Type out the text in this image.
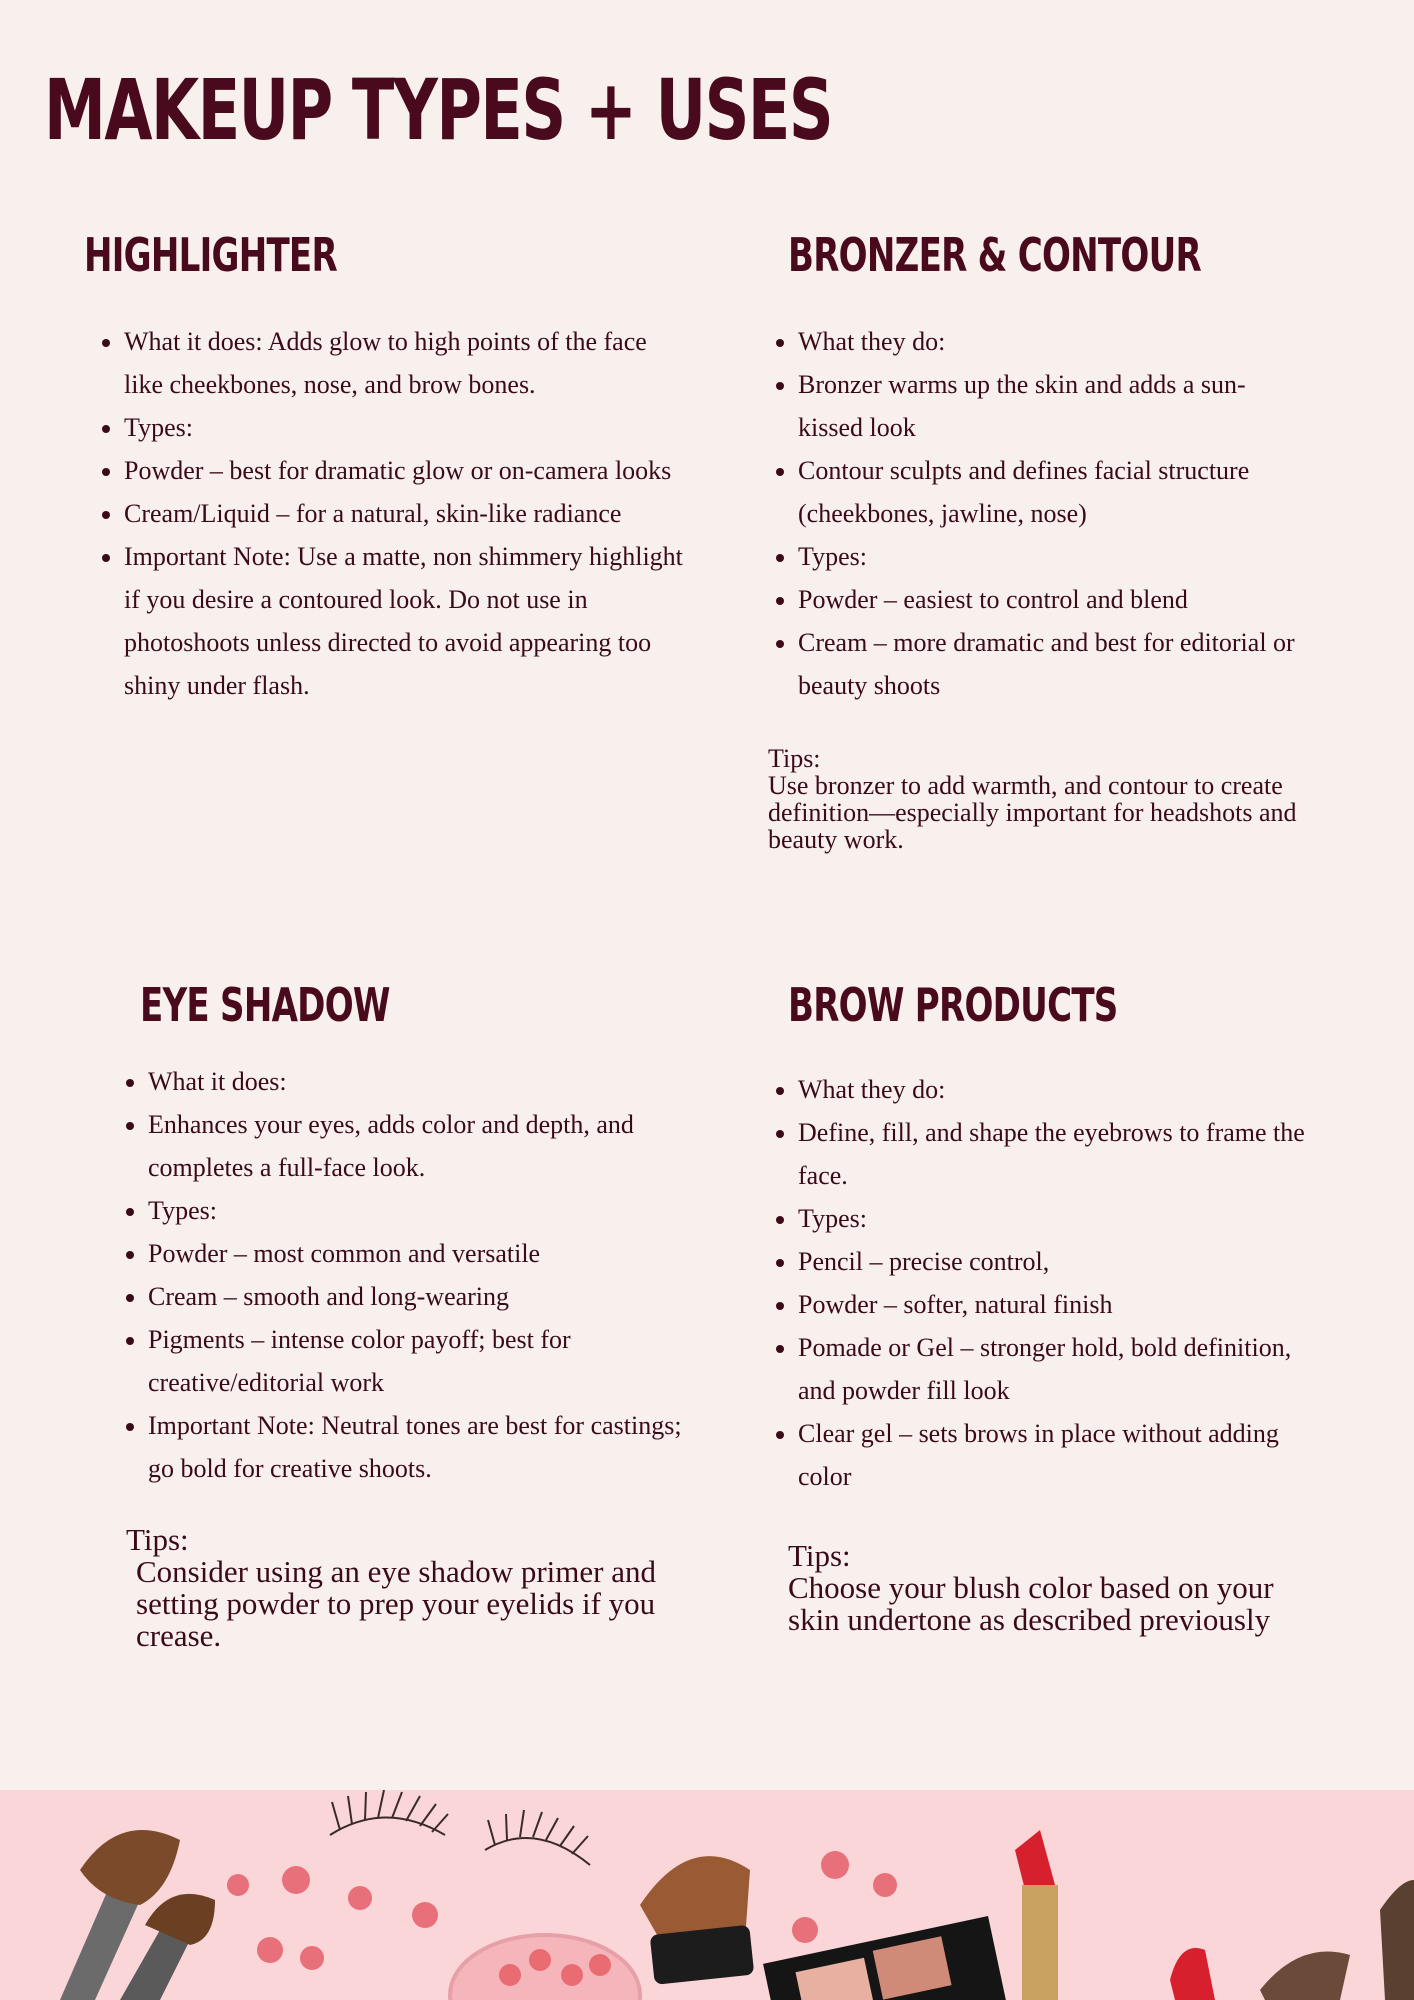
MAKEUP TYPES + USES
HIGHLIGHTER
• What it does: Adds glow to high points of the face like cheekbones, nose, and brow bones.
• Types:
• Powder – best for dramatic glow or on-camera looks
• Cream/Liquid – for a natural, skin-like radiance
• Important Note: Use a matte, non shimmery highlight if you desire a contoured look. Do not use in photoshoots unless directed to avoid appearing too shiny under flash.
BRONZER & CONTOUR
• What they do:
• Bronzer warms up the skin and adds a sun-kissed look
• Contour sculpts and defines facial structure (cheekbones, jawline, nose)
• Types:
• Powder – easiest to control and blend
• Cream – more dramatic and best for editorial or beauty shoots
Tips:
Use bronzer to add warmth, and contour to create definition—especially important for headshots and beauty work.
EYE SHADOW
• What it does:
• Enhances your eyes, adds color and depth, and completes a full-face look.
• Types:
• Powder – most common and versatile
• Cream – smooth and long-wearing
• Pigments – intense color payoff; best for creative/editorial work
• Important Note: Neutral tones are best for castings; go bold for creative shoots.
Tips:
Consider using an eye shadow primer and setting powder to prep your eyelids if you crease.
BROW PRODUCTS
• What they do:
• Define, fill, and shape the eyebrows to frame the face.
• Types:
• Pencil – precise control,
• Powder – softer, natural finish
• Pomade or Gel – stronger hold, bold definition, and powder fill look
• Clear gel – sets brows in place without adding color
Tips:
Choose your blush color based on your skin undertone as described previously
